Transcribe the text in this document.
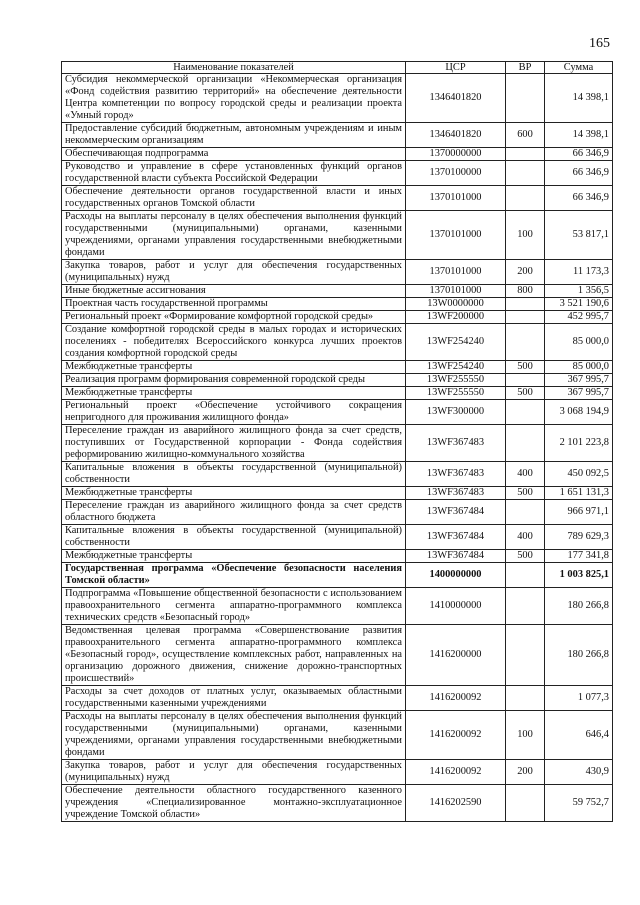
165
Наименование показателей	ЦСР	ВР	Сумма
Субсидия некоммерческой организации «Некоммерческая организация «Фонд содействия развитию территорий» на обеспечение деятельности Центра компетенции по вопросу городской среды и реализации проекта «Умный город»	1346401820		14 398,1
Предоставление субсидий бюджетным, автономным учреждениям и иным некоммерческим организациям	1346401820	600	14 398,1
Обеспечивающая подпрограмма	1370000000		66 346,9
Руководство и управление в сфере установленных функций органов государственной власти субъекта Российской Федерации	1370100000		66 346,9
Обеспечение деятельности органов государственной власти и иных государственных органов Томской области	1370101000		66 346,9
Расходы на выплаты персоналу в целях обеспечения выполнения функций государственными (муниципальными) органами, казенными учреждениями, органами управления государственными внебюджетными фондами	1370101000	100	53 817,1
Закупка товаров, работ и услуг для обеспечения государственных (муниципальных) нужд	1370101000	200	11 173,3
Иные бюджетные ассигнования	1370101000	800	1 356,5
Проектная часть государственной программы	13W0000000		3 521 190,6
Региональный проект «Формирование комфортной городской среды»	13WF200000		452 995,7
Создание комфортной городской среды в малых городах и исторических поселениях - победителях Всероссийского конкурса лучших проектов создания комфортной городской среды	13WF254240		85 000,0
Межбюджетные трансферты	13WF254240	500	85 000,0
Реализация программ формирования современной городской среды	13WF255550		367 995,7
Межбюджетные трансферты	13WF255550	500	367 995,7
Региональный проект «Обеспечение устойчивого сокращения непригодного для проживания жилищного фонда»	13WF300000		3 068 194,9
Переселение граждан из аварийного жилищного фонда за счет средств, поступивших от Государственной корпорации - Фонда содействия реформированию жилищно-коммунального хозяйства	13WF367483		2 101 223,8
Капитальные вложения в объекты государственной (муниципальной) собственности	13WF367483	400	450 092,5
Межбюджетные трансферты	13WF367483	500	1 651 131,3
Переселение граждан из аварийного жилищного фонда за счет средств областного бюджета	13WF367484		966 971,1
Капитальные вложения в объекты государственной (муниципальной) собственности	13WF367484	400	789 629,3
Межбюджетные трансферты	13WF367484	500	177 341,8
Государственная программа «Обеспечение безопасности населения Томской области»	1400000000		1 003 825,1
Подпрограмма «Повышение общественной безопасности с использованием правоохранительного сегмента аппаратно-программного комплекса технических средств «Безопасный город»	1410000000		180 266,8
Ведомственная целевая программа «Совершенствование развития правоохранительного сегмента аппаратно-программного комплекса «Безопасный город», осуществление комплексных работ, направленных на организацию дорожного движения, снижение дорожно-транспортных происшествий»	1416200000		180 266,8
Расходы за счет доходов от платных услуг, оказываемых областными государственными казенными учреждениями	1416200092		1 077,3
Расходы на выплаты персоналу в целях обеспечения выполнения функций государственными (муниципальными) органами, казенными учреждениями, органами управления государственными внебюджетными фондами	1416200092	100	646,4
Закупка товаров, работ и услуг для обеспечения государственных (муниципальных) нужд	1416200092	200	430,9
Обеспечение деятельности областного государственного казенного учреждения «Специализированное монтажно-эксплуатационное учреждение Томской области»	1416202590		59 752,7
